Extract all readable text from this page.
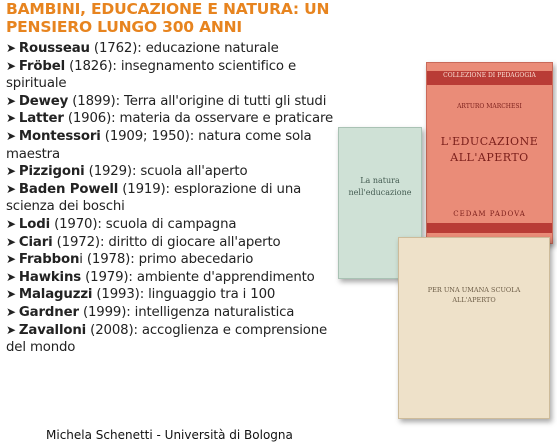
BAMBINI, EDUCAZIONE E NATURA: UN PENSIERO LUNGO 300 ANNI
➤ Rousseau (1762): educazione naturale
➤ Fröbel (1826): insegnamento scientifico e spirituale
➤ Dewey (1899): Terra all'origine di tutti gli studi
➤ Latter (1906): materia da osservare e praticare
➤ Montessori (1909; 1950): natura come sola maestra
➤ Pizzigoni (1929): scuola all'aperto
➤ Baden Powell (1919): esplorazione di una scienza dei boschi
➤ Lodi (1970): scuola di campagna
➤ Ciari (1972): diritto di giocare all'aperto
➤ Frabboni (1978): primo abecedario
➤ Hawkins (1979): ambiente d'apprendimento
➤ Malaguzzi (1993): linguaggio tra i 100
➤ Gardner (1999): intelligenza naturalistica
➤ Zavalloni (2008): accoglienza e comprensione del mondo
COLLEZIONE DI PEDAGOGIA
ARTURO MARCHESI
L'EDUCAZIONE
ALL'APERTO
CEDAM PADOVA
La natura
nell'educazione
PER UNA UMANA SCUOLA
ALL'APERTO
Michela Schenetti - Università di Bologna
